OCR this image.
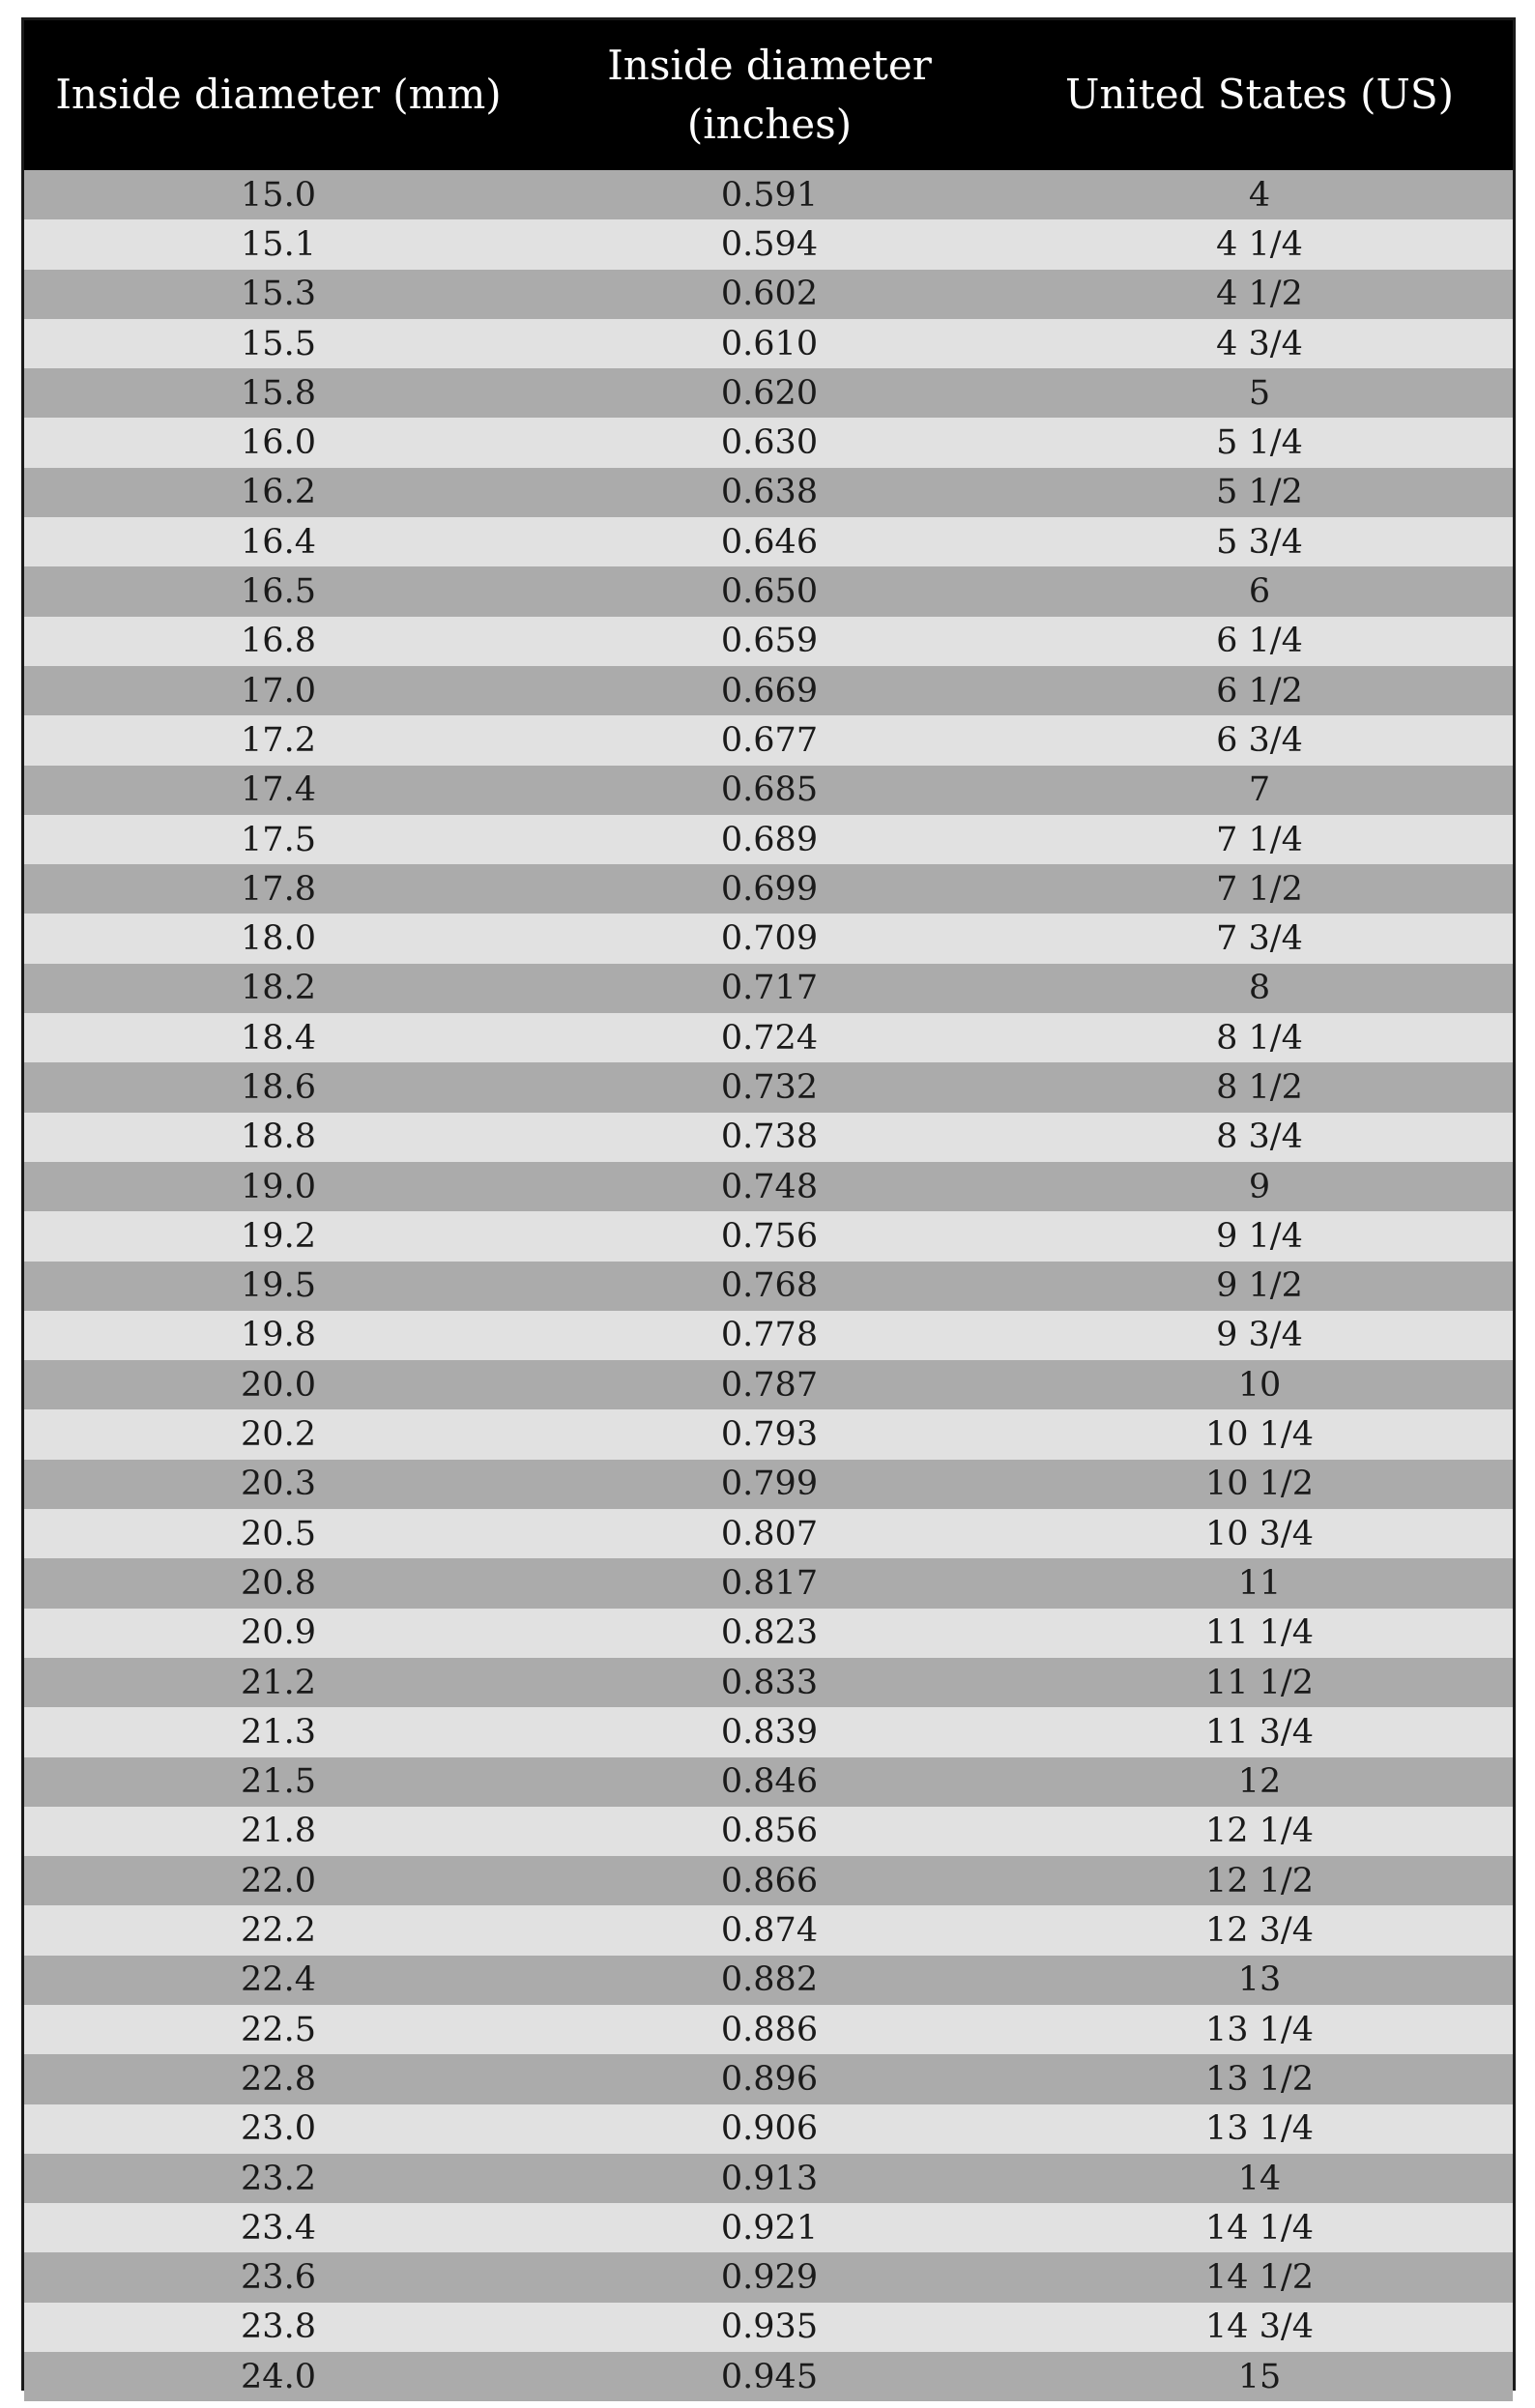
Inside diameter (mm)
Inside diameter
(inches)
United States (US)
15.0	0.591	4
15.1	0.594	4 1/4
15.3	0.602	4 1/2
15.5	0.610	4 3/4
15.8	0.620	5
16.0	0.630	5 1/4
16.2	0.638	5 1/2
16.4	0.646	5 3/4
16.5	0.650	6
16.8	0.659	6 1/4
17.0	0.669	6 1/2
17.2	0.677	6 3/4
17.4	0.685	7
17.5	0.689	7 1/4
17.8	0.699	7 1/2
18.0	0.709	7 3/4
18.2	0.717	8
18.4	0.724	8 1/4
18.6	0.732	8 1/2
18.8	0.738	8 3/4
19.0	0.748	9
19.2	0.756	9 1/4
19.5	0.768	9 1/2
19.8	0.778	9 3/4
20.0	0.787	10
20.2	0.793	10 1/4
20.3	0.799	10 1/2
20.5	0.807	10 3/4
20.8	0.817	11
20.9	0.823	11 1/4
21.2	0.833	11 1/2
21.3	0.839	11 3/4
21.5	0.846	12
21.8	0.856	12 1/4
22.0	0.866	12 1/2
22.2	0.874	12 3/4
22.4	0.882	13
22.5	0.886	13 1/4
22.8	0.896	13 1/2
23.0	0.906	13 1/4
23.2	0.913	14
23.4	0.921	14 1/4
23.6	0.929	14 1/2
23.8	0.935	14 3/4
24.0	0.945	15
